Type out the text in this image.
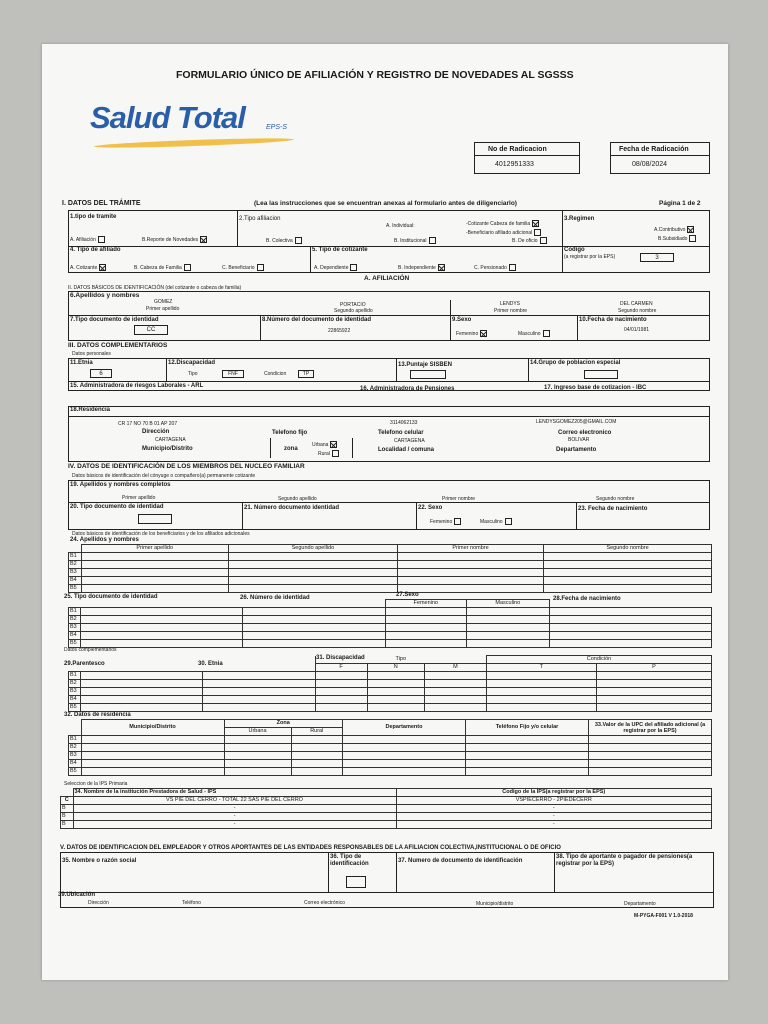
FORMULARIO ÚNICO DE AFILIACIÓN Y REGISTRO DE NOVEDADES AL SGSSS
Salud Total	EPS-S
No de Radicacion
4012951333
Fecha de Radicación
08/08/2024
I. DATOS DEL TRÁMITE	(Lea las instrucciones que se encuentran anexas al formulario antes de diligenciarlo)	Página 1 de 2
1.tipo de tramite
A. Afiliación	B.Reporte de Novedades
2.Tipo afiliacion
A. Individual:	-Cotizante Cabeza de familia
-Beneficiario afiliado adicional
B. Colectiva	B. Institucional	B. De oficio
3.Regimen
A.Contributivo
B.Subsidiado
4. Tipo de afiliado
A. Cotizante	B. Cabeza de Familia	C. Beneficiario
5. Tipo de cotizante
A. Dependiente	B. Independiente	C. Pensionado
Codigo
(a registrar por la EPS)	3
A. AFILIACIÓN
II. DATOS BÁSICOS DE IDENTIFICACIÓN (del cotizante o cabeza de familia)
6.Apellidos y nombres
GOMEZ
Primer apellido
PORTACIO
Segundo apellido
LENDYS
Primer nombre
DEL CARMEN
Segundo nombre
7.Tipo documento de identidad
CC
8.Número del documento de identidad
22865922
9.Sexo
Femenino	Masculino
10.Fecha de nacimiento
04/01/1981
III. DATOS COMPLEMENTARIOS
Datos personales
11.Etnia
6
12.Discapacidad
Tipo	FNF	Condicion	TP
13.Puntaje SISBEN	14.Grupo de poblacion especial
15. Administradora de riesgos Laborales - ARL	16. Administradora de Pensiones	17. Ingreso base de cotizacion - IBC
18.Residencia
CR 17 NO 70 B 01 AP 207
Dirección	Telefono fijo
3114062133
Telefono celular
LENDYSGOMEZ205@GMAIL.COM
Correo electronico
CARTAGENA
Municipio/Distrito	zona
Urbana
Rural
CARTAGENA
Localidad / comuna
BOLIVAR
Departamento
IV. DATOS DE IDENTIFICACIÓN DE LOS MIEMBROS DEL NUCLEO FAMILIAR
Datos básicos de identificación del cónyuge o compañero(a) permanente cotizante
19. Apellidos y nombres completos
Primer apellido	Segundo apellido	Primer nombre	Segundo nombre
20. Tipo documento de identidad	21. Número documento identidad	22. Sexo
Femenino	Masculino
23. Fecha de nacimiento
Datos básicos de identificación de los beneficiarios y de los afiliados adicionales
24. Apellidos y nombres
	Primer apellido	Segundo apellido	Primer nombre	Segundo nombre
B1				
B2				
B3				
B4				
B5				
25. Tipo documento de identidad	26. Número de identidad	27.Sexo
28.Fecha de nacimiento
			Femenino	Masculino	
B1					
B2					
B3					
B4					
B5					
Datos complementarios
29.Parentesco	30. Etnia
31. Discapacidad
				Tipo			Condición	
			F	N	M	T	P
B1							
B2							
B3							
B4							
B5							
32. Datos de residencia
	Municipio/Distrito	Zona		Departamento	Teléfono Fijo y/o celular	33.Valor de la UPC del afiliado adicional (a registrar por la EPS)
		Urbana	Rural			
B1						
B2						
B3						
B4						
B5						
Seleccion de la IPS Primaria
	34. Nombre de la institución Prestadora de Salud - IPS	Codigo de la IPS(a registrar por la EPS)
C	VS PIE DEL CERRO - TOTAL 22 SAS PIE DEL CERRO	VSPIECERRO - 2PIEDECERR
B	-	-
B	-	-
B	-	-
V. DATOS DE IDENTIFICACION DEL EMPLEADOR Y OTROS APORTANTES DE LAS ENTIDADES RESPONSABLES DE LA AFILIACION COLECTIVA,INSTITUCIONAL O DE OFICIO
35. Nombre o razón social
36. Tipo de identificación	37. Numero de documento de identificación
38. Tipo de aportante o pagador de pensiones(a registrar por la EPS)
39.Ubicación
Dirección	Teléfono	Correo electrónico	Municipio/distrito	Departamento
M-PYGA-F001 V 1.0-2018
